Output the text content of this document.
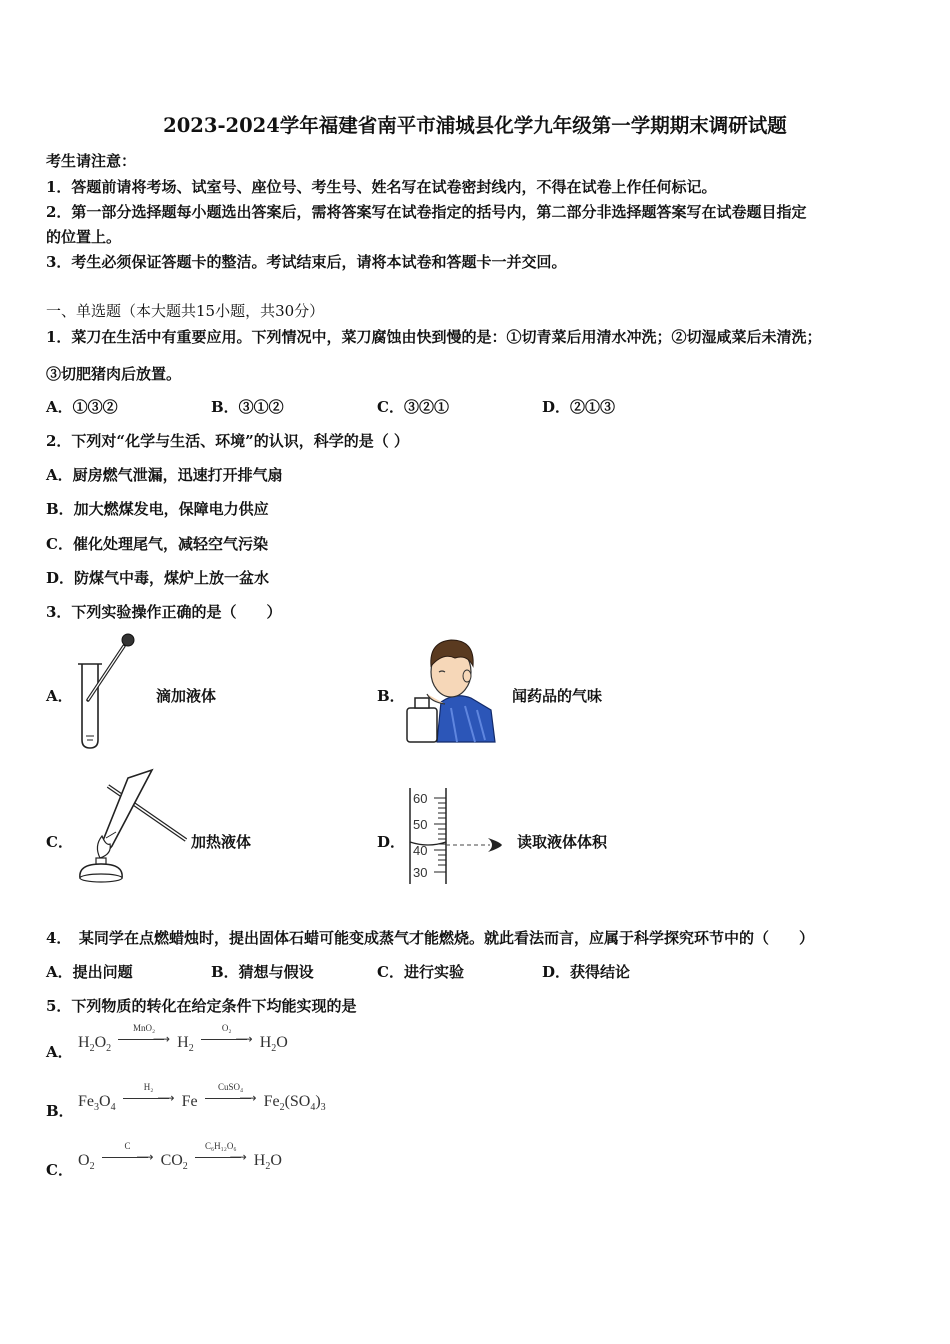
2023-2024学年福建省南平市浦城县化学九年级第一学期期末调研试题
考生请注意：
1．答题前请将考场、试室号、座位号、考生号、姓名写在试卷密封线内，不得在试卷上作任何标记。
2．第一部分选择题每小题选出答案后，需将答案写在试卷指定的括号内，第二部分非选择题答案写在试卷题目指定
的位置上。
3．考生必须保证答题卡的整洁。考试结束后，请将本试卷和答题卡一并交回。
一、单选题（本大题共15小题，共30分）
1．菜刀在生活中有重要应用。下列情况中，菜刀腐蚀由快到慢的是：①切青菜后用清水冲洗；②切湿咸菜后未清洗；
③切肥猪肉后放置。
A．①③②	B．③①②	C．③②①	D．②①③
2．下列对“化学与生活、环境”的认识，科学的是（ ）
A．厨房燃气泄漏，迅速打开排气扇
B．加大燃煤发电，保障电力供应
C．催化处理尾气，减轻空气污染
D．防煤气中毒，煤炉上放一盆水
3．下列实验操作正确的是（　　）
A．	滴加液体	B．	闻药品的气味
C．	加热液体	D．
60
50
40
30
读取液体体积
4．　某同学在点燃蜡烛时，提出固体石蜡可能变成蒸气才能燃烧。就此看法而言，应属于科学探究环节中的（　　）
A．提出问题	B．猜想与假设	C．进行实验	D．获得结论
5．下列物质的转化在给定条件下均能实现的是
A．
$H_2O_2$
MnO₂
⟶ $H_2$
O₂
⟶ $H_2O$
B．
$Fe_3O_4$
H₂
⟶ Fe
CuSO₄
⟶ $Fe_2(SO_4)_3$
C．
$O_2$
C
⟶ $CO_2$
C₆H₁₂O₆
⟶ $H_2O$
